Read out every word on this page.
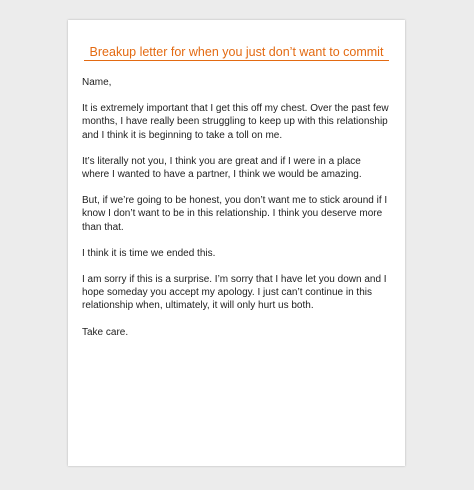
Breakup letter for when you just don’t want to commit

Name,

It is extremely important that I get this off my chest. Over the past few
months, I have really been struggling to keep up with this relationship
and I think it is beginning to take a toll on me.

It’s literally not you, I think you are great and if I were in a place
where I wanted to have a partner, I think we would be amazing.

But, if we’re going to be honest, you don’t want me to stick around if I
know I don’t want to be in this relationship. I think you deserve more
than that.

I think it is time we ended this.

I am sorry if this is a surprise. I’m sorry that I have let you down and I
hope someday you accept my apology. I just can’t continue in this
relationship when, ultimately, it will only hurt us both.

Take care.
